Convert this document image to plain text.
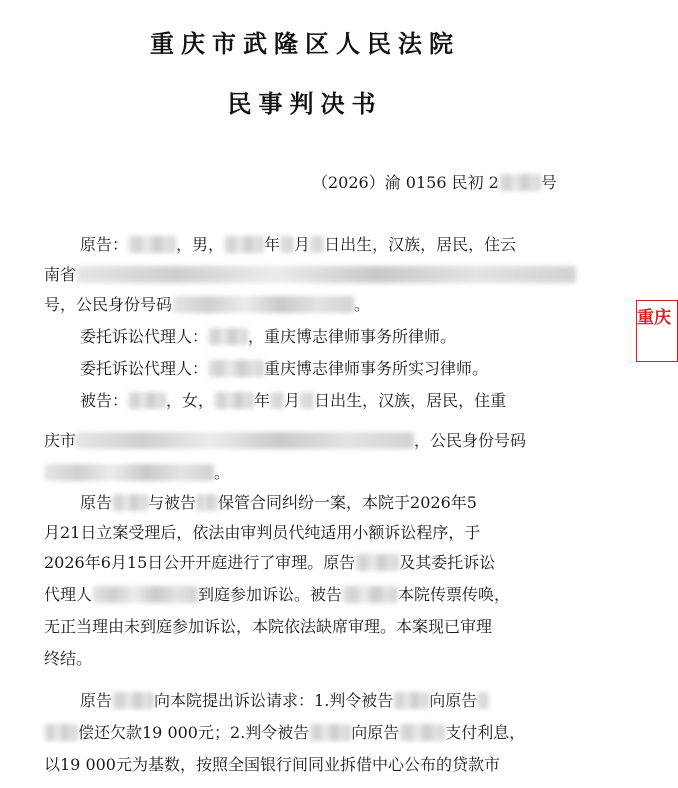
重庆市武隆区人民法院
民事判决书
（2026）渝 0156 民初 2	号
原告：	，男，	年 月 日出生，汉族，居民，住云
南省
号，公民身份号码	。
委托诉讼代理人：	，重庆博志律师事务所律师。
委托诉讼代理人：	重庆博志律师事务所实习律师。
被告： ，女，	年 月 日出生，汉族，居民，住重
庆市	，公民身份号码
。
原告 与被告 保管合同纠纷一案，本院于2026年5
月21日立案受理后，依法由审判员代纯适用小额诉讼程序，于
2026年6月15日公开开庭进行了审理。原告	及其委托诉讼
代理人	到庭参加诉讼。被告	本院传票传唤，
无正当理由未到庭参加诉讼，本院依法缺席审理。本案现已审理
终结。
原告	向本院提出诉讼请求：1.判令被告 向原告
偿还欠款19 000元；2.判令被告	向原告	支付利息，
以19 000元为基数，按照全国银行间同业拆借中心公布的贷款市
重庆
